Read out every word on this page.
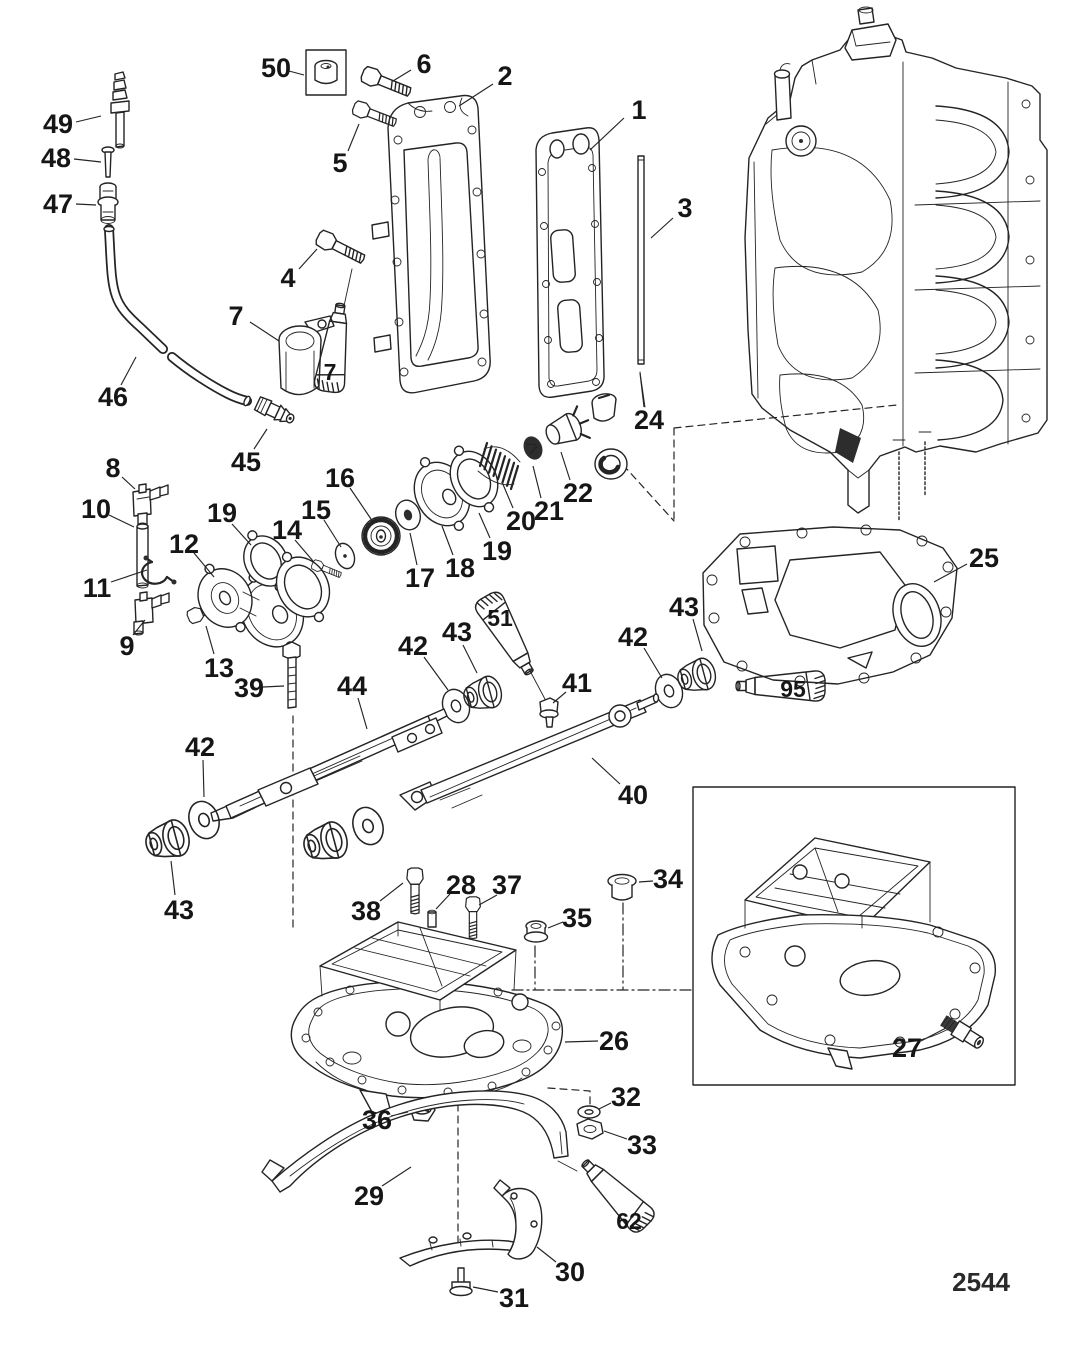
50	6 2
1
3
5
4
7
49
48
47
46
45
8
10
11
9
13
12
19
14
15
16
17 18
19
20
21
22
24
25
41
42 43	42
43
42
43
39	44
40
38
28 37	34
35
26
36
32
33
29
30
31
27
7
51
95
62
2544
